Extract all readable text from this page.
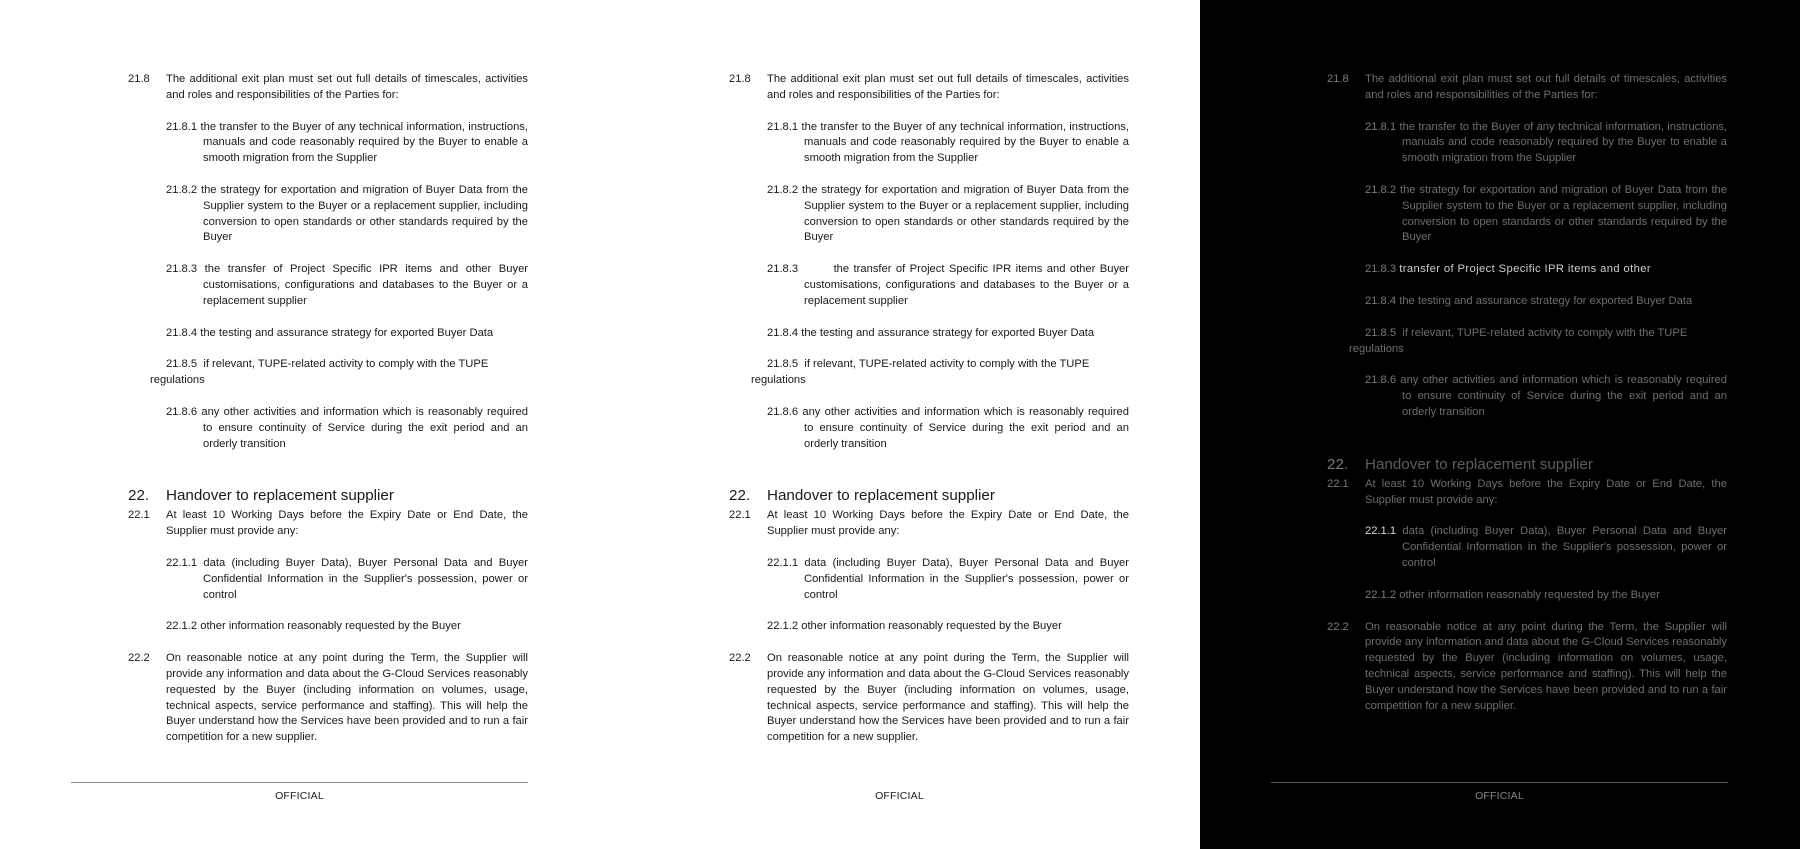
21.8 The additional exit plan must set out full details of timescales, activities and roles and responsibilities of the Parties for:
21.8.1 the transfer to the Buyer of any technical information, instructions, manuals and code reasonably required by the Buyer to enable a smooth migration from the Supplier
21.8.2 the strategy for exportation and migration of Buyer Data from the Supplier system to the Buyer or a replacement supplier, including conversion to open standards or other standards required by the Buyer
21.8.3 the transfer of Project Specific IPR items and other Buyer customisations, configurations and databases to the Buyer or a replacement supplier
21.8.4 the testing and assurance strategy for exported Buyer Data
21.8.5 if relevant, TUPE-related activity to comply with the TUPE
regulations
21.8.6 any other activities and information which is reasonably required to ensure continuity of Service during the exit period and an orderly transition
22. Handover to replacement supplier
22.1 At least 10 Working Days before the Expiry Date or End Date, the Supplier must provide any:
22.1.1 data (including Buyer Data), Buyer Personal Data and Buyer Confidential Information in the Supplier's possession, power or control
22.1.2 other information reasonably requested by the Buyer
22.2 On reasonable notice at any point during the Term, the Supplier will provide any information and data about the G-Cloud Services reasonably requested by the Buyer (including information on volumes, usage, technical aspects, service performance and staffing). This will help the Buyer understand how the Services have been provided and to run a fair competition for a new supplier.
OFFICIAL
21.8 The additional exit plan must set out full details of timescales, activities and roles and responsibilities of the Parties for:
21.8.1 the transfer to the Buyer of any technical information, instructions, manuals and code reasonably required by the Buyer to enable a smooth migration from the Supplier
21.8.2 the strategy for exportation and migration of Buyer Data from the Supplier system to the Buyer or a replacement supplier, including conversion to open standards or other standards required by the Buyer
21.8.3	the transfer of Project Specific IPR items and other Buyer customisations, configurations and databases to the Buyer or a replacement supplier
21.8.4 the testing and assurance strategy for exported Buyer Data
21.8.5 if relevant, TUPE-related activity to comply with the TUPE
regulations
21.8.6 any other activities and information which is reasonably required to ensure continuity of Service during the exit period and an orderly transition
22. Handover to replacement supplier
22.1 At least 10 Working Days before the Expiry Date or End Date, the Supplier must provide any:
22.1.1 data (including Buyer Data), Buyer Personal Data and Buyer Confidential Information in the Supplier's possession, power or control
22.1.2 other information reasonably requested by the Buyer
22.2 On reasonable notice at any point during the Term, the Supplier will provide any information and data about the G-Cloud Services reasonably requested by the Buyer (including information on volumes, usage, technical aspects, service performance and staffing). This will help the Buyer understand how the Services have been provided and to run a fair competition for a new supplier.
OFFICIAL
21.8 The additional exit plan must set out full details of timescales, activities and roles and responsibilities of the Parties for:
21.8.1 the transfer to the Buyer of any technical information, instructions, manuals and code reasonably required by the Buyer to enable a smooth migration from the Supplier
21.8.2 the strategy for exportation and migration of Buyer Data from the Supplier system to the Buyer or a replacement supplier, including conversion to open standards or other standards required by the Buyer
21.8.3 transfer of Project Specific IPR items and other
21.8.4 the testing and assurance strategy for exported Buyer Data
21.8.5 if relevant, TUPE-related activity to comply with the TUPE
regulations
21.8.6 any other activities and information which is reasonably required to ensure continuity of Service during the exit period and an orderly transition
22. Handover to replacement supplier
22.1 At least 10 Working Days before the Expiry Date or End Date, the Supplier must provide any:
22.1.1 data (including Buyer Data), Buyer Personal Data and Buyer Confidential Information in the Supplier's possession, power or control
22.1.2 other information reasonably requested by the Buyer
22.2 On reasonable notice at any point during the Term, the Supplier will provide any information and data about the G-Cloud Services reasonably requested by the Buyer (including information on volumes, usage, technical aspects, service performance and staffing). This will help the Buyer understand how the Services have been provided and to run a fair competition for a new supplier.
OFFICIAL
